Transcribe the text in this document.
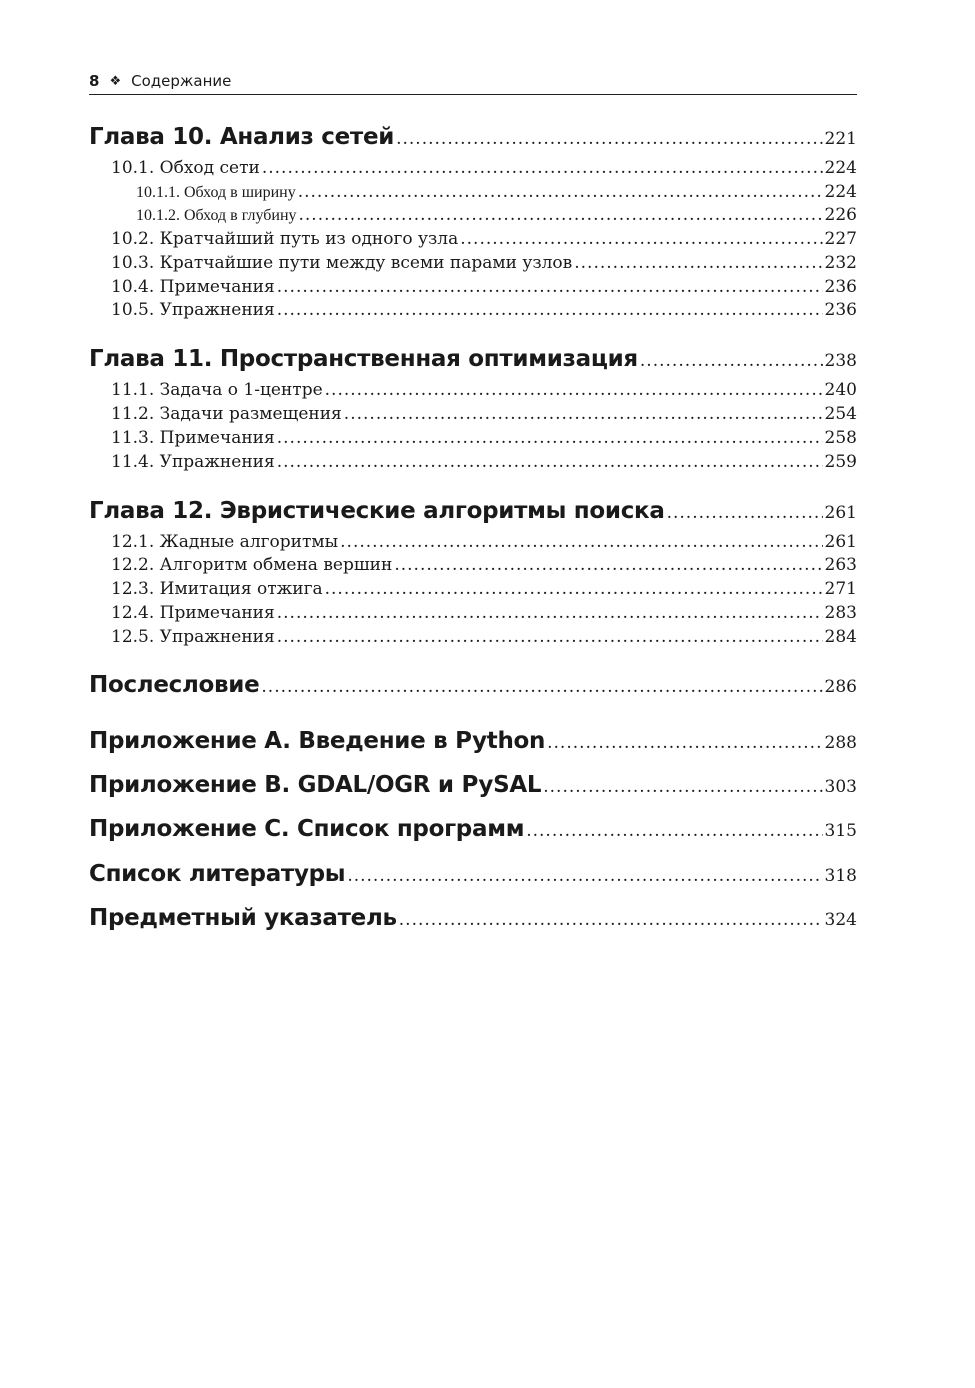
8 ❖ Содержание
Глава 10. Анализ сетей .....	221
10.1. Обход сети .....	224
10.1.1. Обход в ширину .....	224
10.1.2. Обход в глубину .....	226
10.2. Кратчайший путь из одного узла .....	227
10.3. Кратчайшие пути между всеми парами узлов .....	232
10.4. Примечания .....	236
10.5. Упражнения .....	236
Глава 11. Пространственная оптимизация .....	238
11.1. Задача о 1-центре .....	240
11.2. Задачи размещения .....	254
11.3. Примечания .....	258
11.4. Упражнения .....	259
Глава 12. Эвристические алгоритмы поиска .....	261
12.1. Жадные алгоритмы .....	261
12.2. Алгоритм обмена вершин .....	263
12.3. Имитация отжига .....	271
12.4. Примечания .....	283
12.5. Упражнения .....	284
Послесловие .....	286
Приложение A. Введение в Python .....	288
Приложение B. GDAL/OGR и PySAL .....	303
Приложение C. Список программ .....	315
Список литературы .....	318
Предметный указатель .....	324
